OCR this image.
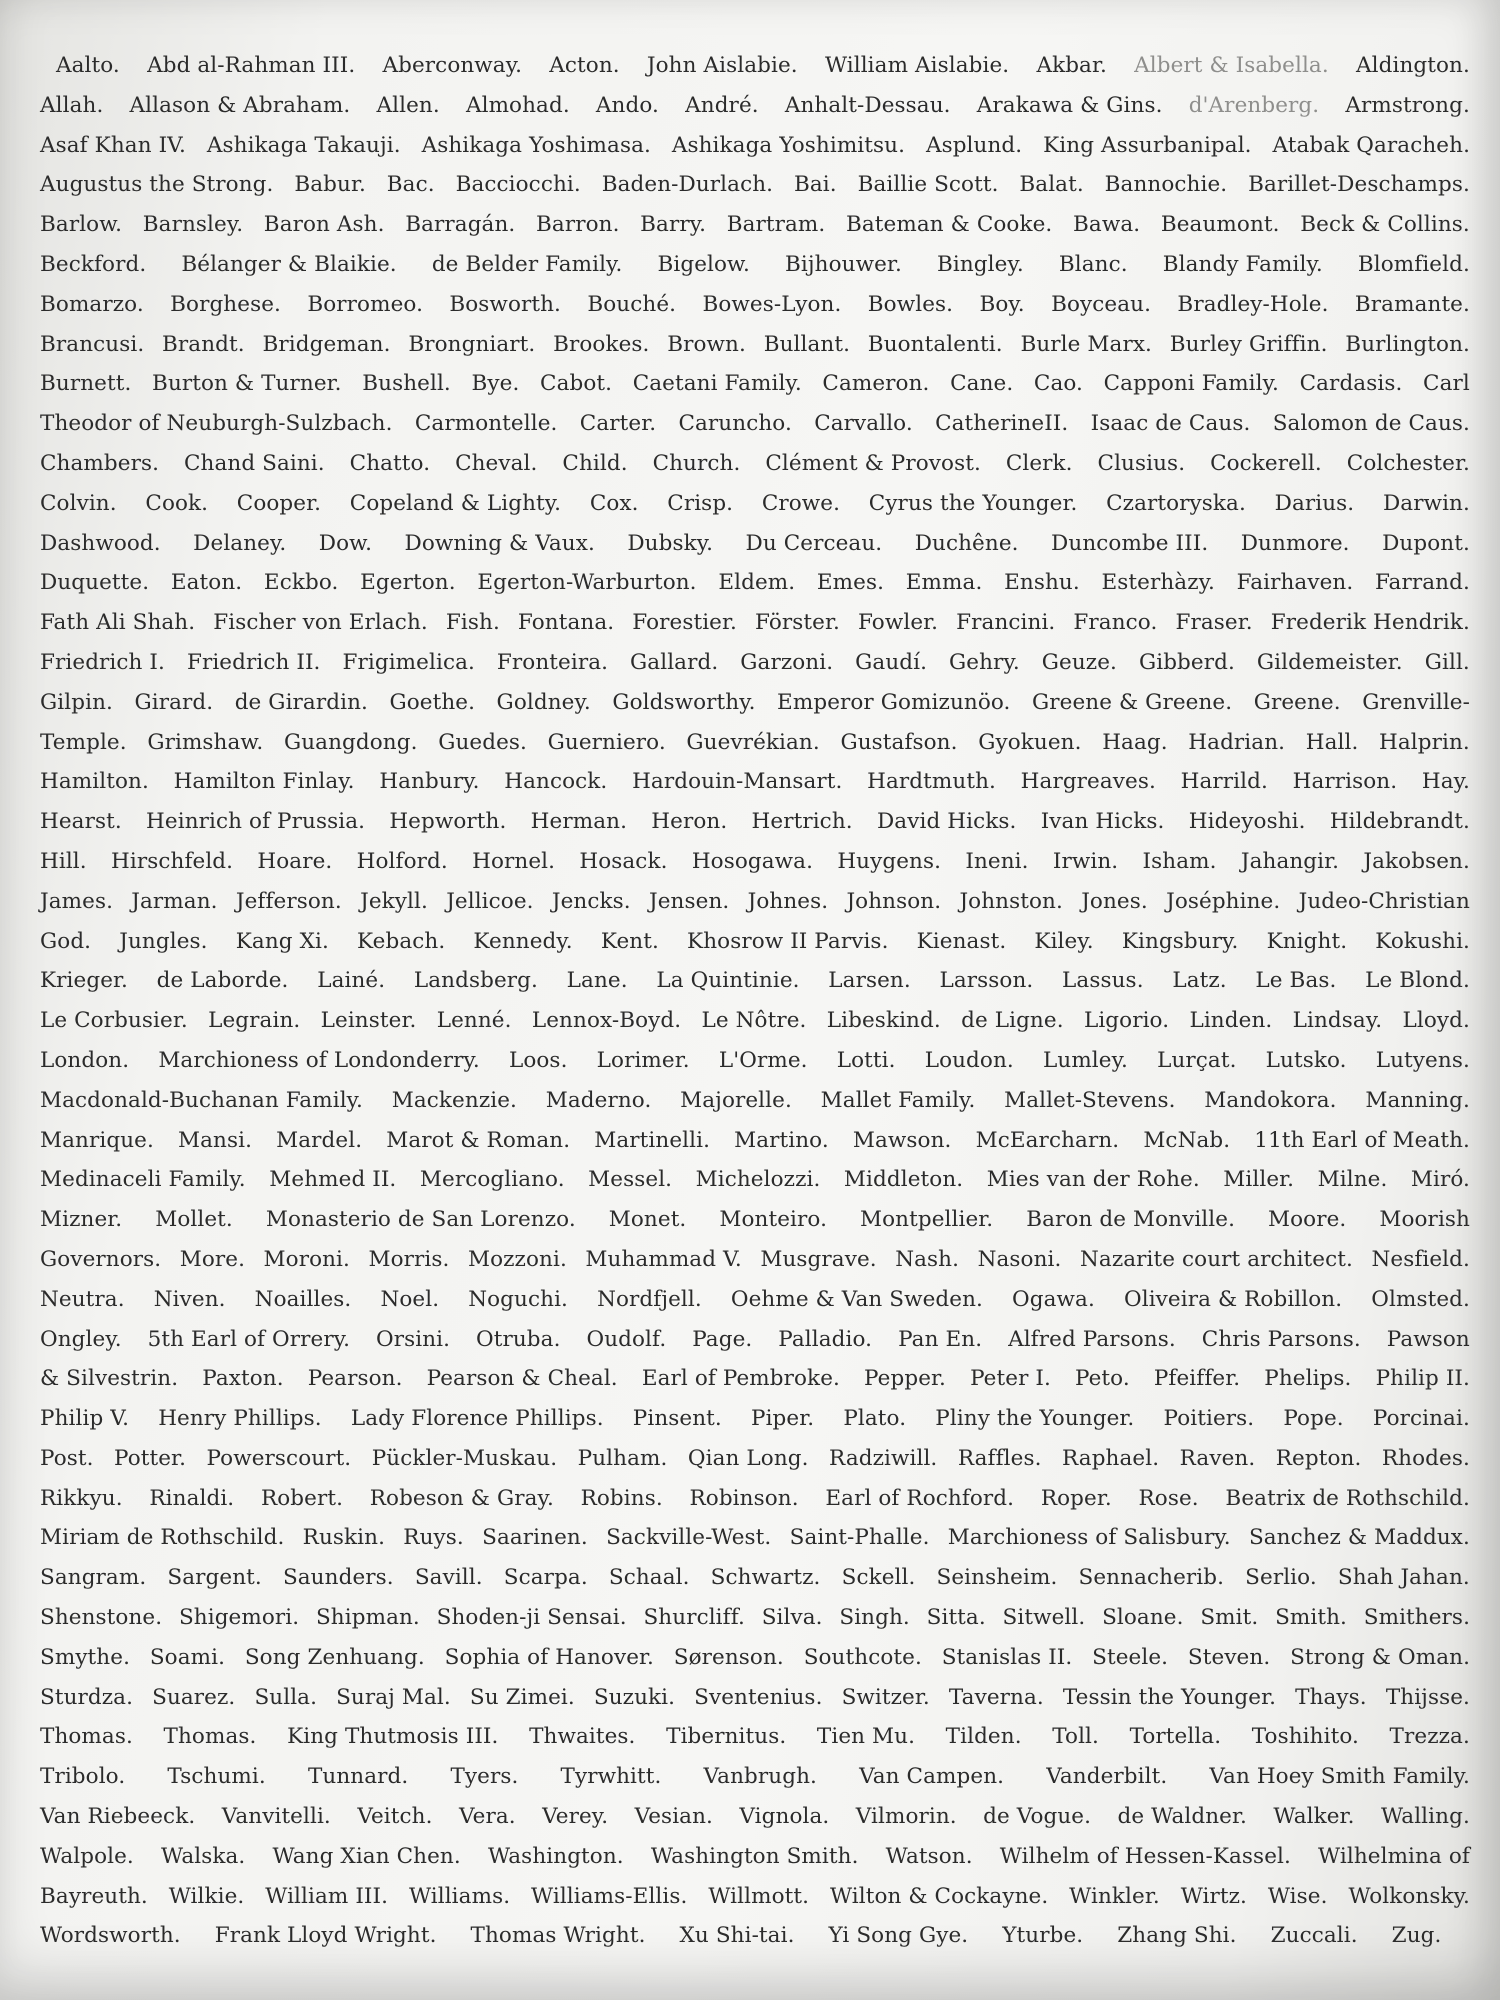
Aalto. Abd al-Rahman III. Aberconway. Acton. John Aislabie. William Aislabie. Akbar. Albert & Isabella. Aldington.
Allah. Allason & Abraham. Allen. Almohad. Ando. André. Anhalt-Dessau. Arakawa & Gins. d'Arenberg. Armstrong.
Asaf Khan IV. Ashikaga Takauji. Ashikaga Yoshimasa. Ashikaga Yoshimitsu. Asplund. King Assurbanipal. Atabak Qaracheh.
Augustus the Strong. Babur. Bac. Bacciocchi. Baden-Durlach. Bai. Baillie Scott. Balat. Bannochie. Barillet-Deschamps.
Barlow. Barnsley. Baron Ash. Barragán. Barron. Barry. Bartram. Bateman & Cooke. Bawa. Beaumont. Beck & Collins.
Beckford. Bélanger & Blaikie. de Belder Family. Bigelow. Bijhouwer. Bingley. Blanc. Blandy Family. Blomfield.
Bomarzo. Borghese. Borromeo. Bosworth. Bouché. Bowes-Lyon. Bowles. Boy. Boyceau. Bradley-Hole. Bramante.
Brancusi. Brandt. Bridgeman. Brongniart. Brookes. Brown. Bullant. Buontalenti. Burle Marx. Burley Griffin. Burlington.
Burnett. Burton & Turner. Bushell. Bye. Cabot. Caetani Family. Cameron. Cane. Cao. Capponi Family. Cardasis. Carl
Theodor of Neuburgh-Sulzbach. Carmontelle. Carter. Caruncho. Carvallo. CatherineII. Isaac de Caus. Salomon de Caus.
Chambers. Chand Saini. Chatto. Cheval. Child. Church. Clément & Provost. Clerk. Clusius. Cockerell. Colchester.
Colvin. Cook. Cooper. Copeland & Lighty. Cox. Crisp. Crowe. Cyrus the Younger. Czartoryska. Darius. Darwin.
Dashwood. Delaney. Dow. Downing & Vaux. Dubsky. Du Cerceau. Duchêne. Duncombe III. Dunmore. Dupont.
Duquette. Eaton. Eckbo. Egerton. Egerton-Warburton. Eldem. Emes. Emma. Enshu. Esterhàzy. Fairhaven. Farrand.
Fath Ali Shah. Fischer von Erlach. Fish. Fontana. Forestier. Förster. Fowler. Francini. Franco. Fraser. Frederik Hendrik.
Friedrich I. Friedrich II. Frigimelica. Fronteira. Gallard. Garzoni. Gaudí. Gehry. Geuze. Gibberd. Gildemeister. Gill.
Gilpin. Girard. de Girardin. Goethe. Goldney. Goldsworthy. Emperor Gomizunöo. Greene & Greene. Greene. Grenville-
Temple. Grimshaw. Guangdong. Guedes. Guerniero. Guevrékian. Gustafson. Gyokuen. Haag. Hadrian. Hall. Halprin.
Hamilton. Hamilton Finlay. Hanbury. Hancock. Hardouin-Mansart. Hardtmuth. Hargreaves. Harrild. Harrison. Hay.
Hearst. Heinrich of Prussia. Hepworth. Herman. Heron. Hertrich. David Hicks. Ivan Hicks. Hideyoshi. Hildebrandt.
Hill. Hirschfeld. Hoare. Holford. Hornel. Hosack. Hosogawa. Huygens. Ineni. Irwin. Isham. Jahangir. Jakobsen.
James. Jarman. Jefferson. Jekyll. Jellicoe. Jencks. Jensen. Johnes. Johnson. Johnston. Jones. Joséphine. Judeo-Christian
God. Jungles. Kang Xi. Kebach. Kennedy. Kent. Khosrow II Parvis. Kienast. Kiley. Kingsbury. Knight. Kokushi.
Krieger. de Laborde. Lainé. Landsberg. Lane. La Quintinie. Larsen. Larsson. Lassus. Latz. Le Bas. Le Blond.
Le Corbusier. Legrain. Leinster. Lenné. Lennox-Boyd. Le Nôtre. Libeskind. de Ligne. Ligorio. Linden. Lindsay. Lloyd.
London. Marchioness of Londonderry. Loos. Lorimer. L'Orme. Lotti. Loudon. Lumley. Lurçat. Lutsko. Lutyens.
Macdonald-Buchanan Family. Mackenzie. Maderno. Majorelle. Mallet Family. Mallet-Stevens. Mandokora. Manning.
Manrique. Mansi. Mardel. Marot & Roman. Martinelli. Martino. Mawson. McEarcharn. McNab. 11th Earl of Meath.
Medinaceli Family. Mehmed II. Mercogliano. Messel. Michelozzi. Middleton. Mies van der Rohe. Miller. Milne. Miró.
Mizner. Mollet. Monasterio de San Lorenzo. Monet. Monteiro. Montpellier. Baron de Monville. Moore. Moorish
Governors. More. Moroni. Morris. Mozzoni. Muhammad V. Musgrave. Nash. Nasoni. Nazarite court architect. Nesfield.
Neutra. Niven. Noailles. Noel. Noguchi. Nordfjell. Oehme & Van Sweden. Ogawa. Oliveira & Robillon. Olmsted.
Ongley. 5th Earl of Orrery. Orsini. Otruba. Oudolf. Page. Palladio. Pan En. Alfred Parsons. Chris Parsons. Pawson
& Silvestrin. Paxton. Pearson. Pearson & Cheal. Earl of Pembroke. Pepper. Peter I. Peto. Pfeiffer. Phelips. Philip II.
Philip V. Henry Phillips. Lady Florence Phillips. Pinsent. Piper. Plato. Pliny the Younger. Poitiers. Pope. Porcinai.
Post. Potter. Powerscourt. Pückler-Muskau. Pulham. Qian Long. Radziwill. Raffles. Raphael. Raven. Repton. Rhodes.
Rikkyu. Rinaldi. Robert. Robeson & Gray. Robins. Robinson. Earl of Rochford. Roper. Rose. Beatrix de Rothschild.
Miriam de Rothschild. Ruskin. Ruys. Saarinen. Sackville-West. Saint-Phalle. Marchioness of Salisbury. Sanchez & Maddux.
Sangram. Sargent. Saunders. Savill. Scarpa. Schaal. Schwartz. Sckell. Seinsheim. Sennacherib. Serlio. Shah Jahan.
Shenstone. Shigemori. Shipman. Shoden-ji Sensai. Shurcliff. Silva. Singh. Sitta. Sitwell. Sloane. Smit. Smith. Smithers.
Smythe. Soami. Song Zenhuang. Sophia of Hanover. Sørenson. Southcote. Stanislas II. Steele. Steven. Strong & Oman.
Sturdza. Suarez. Sulla. Suraj Mal. Su Zimei. Suzuki. Sventenius. Switzer. Taverna. Tessin the Younger. Thays. Thijsse.
Thomas. Thomas. King Thutmosis III. Thwaites. Tibernitus. Tien Mu. Tilden. Toll. Tortella. Toshihito. Trezza.
Tribolo. Tschumi. Tunnard. Tyers. Tyrwhitt. Vanbrugh. Van Campen. Vanderbilt. Van Hoey Smith Family.
Van Riebeeck. Vanvitelli. Veitch. Vera. Verey. Vesian. Vignola. Vilmorin. de Vogue. de Waldner. Walker. Walling.
Walpole. Walska. Wang Xian Chen. Washington. Washington Smith. Watson. Wilhelm of Hessen-Kassel. Wilhelmina of
Bayreuth. Wilkie. William III. Williams. Williams-Ellis. Willmott. Wilton & Cockayne. Winkler. Wirtz. Wise. Wolkonsky.
Wordsworth. Frank Lloyd Wright. Thomas Wright. Xu Shi-tai. Yi Song Gye. Yturbe. Zhang Shi. Zuccali. Zug.
